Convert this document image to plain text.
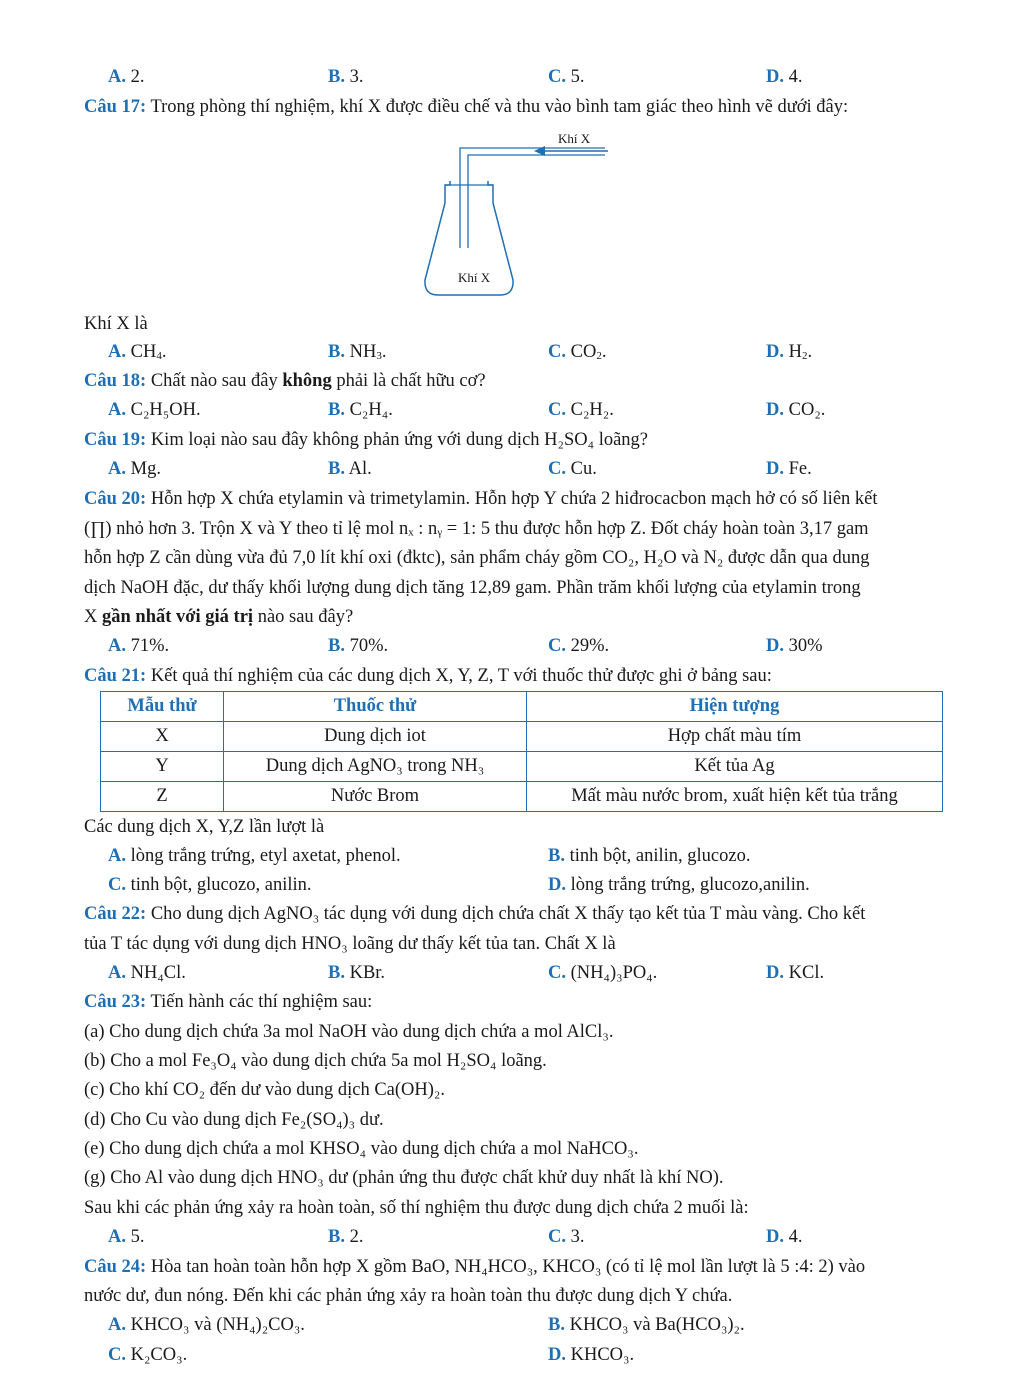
A. 2.	B. 3.	C. 5.	D. 4.
Câu 17: Trong phòng thí nghiệm, khí X được điều chế và thu vào bình tam giác theo hình vẽ dưới đây:
Khí X
Khí X
Khí X là
A. $CH_4$.	B. $NH_3$.	C. $CO_2$.	D. $H_2$.
Câu 18: Chất nào sau đây không phải là chất hữu cơ?
A. C₂H₅OH.	B. C₂H₄.	C. C₂H₂.	D. CO₂.
Câu 19: Kim loại nào sau đây không phản ứng với dung dịch H₂SO₄ loãng?
A. Mg.	B. Al.	C. Cu.	D. Fe.
Câu 20: Hỗn hợp X chứa etylamin và trimetylamin. Hỗn hợp Y chứa 2 hiđrocacbon mạch hở có số liên kết
(∏) nhỏ hơn 3. Trộn X và Y theo tỉ lệ mol nₓ : nᵧ = 1: 5 thu được hỗn hợp Z. Đốt cháy hoàn toàn 3,17 gam
hỗn hợp Z cần dùng vừa đủ 7,0 lít khí oxi (đktc), sản phẩm cháy gồm CO₂, H₂O và N₂ được dẫn qua dung
dịch NaOH đặc, dư thấy khối lượng dung dịch tăng 12,89 gam. Phần trăm khối lượng của etylamin trong
X gần nhất với giá trị nào sau đây?
A. 71%.	B. 70%.	C. 29%.	D. 30%
Câu 21: Kết quả thí nghiệm của các dung dịch X, Y, Z, T với thuốc thử được ghi ở bảng sau:
Mẫu thử	Thuốc thử	Hiện tượng
X	Dung dịch iot	Hợp chất màu tím
Y	Dung dịch AgNO₃ trong NH₃	Kết tủa Ag
Z	Nước Brom	Mất màu nước brom, xuất hiện kết tủa trắng
Các dung dịch X, Y,Z lần lượt là
A. lòng trắng trứng, etyl axetat, phenol.	B. tinh bột, anilin, glucozo.
C. tinh bột, glucozo, anilin.	D. lòng trắng trứng, glucozo,anilin.
Câu 22: Cho dung dịch AgNO₃ tác dụng với dung dịch chứa chất X thấy tạo kết tủa T màu vàng. Cho kết
tủa T tác dụng với dung dịch HNO₃ loãng dư thấy kết tủa tan. Chất X là
A. NH₄Cl.	B. KBr.	C. (NH₄)₃PO₄.	D. KCl.
Câu 23: Tiến hành các thí nghiệm sau:
(a) Cho dung dịch chứa 3a mol NaOH vào dung dịch chứa a mol AlCl₃.
(b) Cho a mol Fe₃O₄ vào dung dịch chứa 5a mol H₂SO₄ loãng.
(c) Cho khí CO₂ đến dư vào dung dịch Ca(OH)₂.
(d) Cho Cu vào dung dịch Fe₂(SO₄)₃ dư.
(e) Cho dung dịch chứa a mol KHSO₄ vào dung dịch chứa a mol NaHCO₃.
(g) Cho Al vào dung dịch HNO₃ dư (phản ứng thu được chất khử duy nhất là khí NO).
Sau khi các phản ứng xảy ra hoàn toàn, số thí nghiệm thu được dung dịch chứa 2 muối là:
A. 5.	B. 2.	C. 3.	D. 4.
Câu 24: Hòa tan hoàn toàn hỗn hợp X gồm BaO, NH₄HCO₃, KHCO₃ (có tỉ lệ mol lần lượt là 5 :4: 2) vào
nước dư, đun nóng. Đến khi các phản ứng xảy ra hoàn toàn thu được dung dịch Y chứa.
A. KHCO₃ và (NH₄)₂CO₃.	B. KHCO₃ và Ba(HCO₃)₂.
C. K₂CO₃.	D. KHCO₃.
